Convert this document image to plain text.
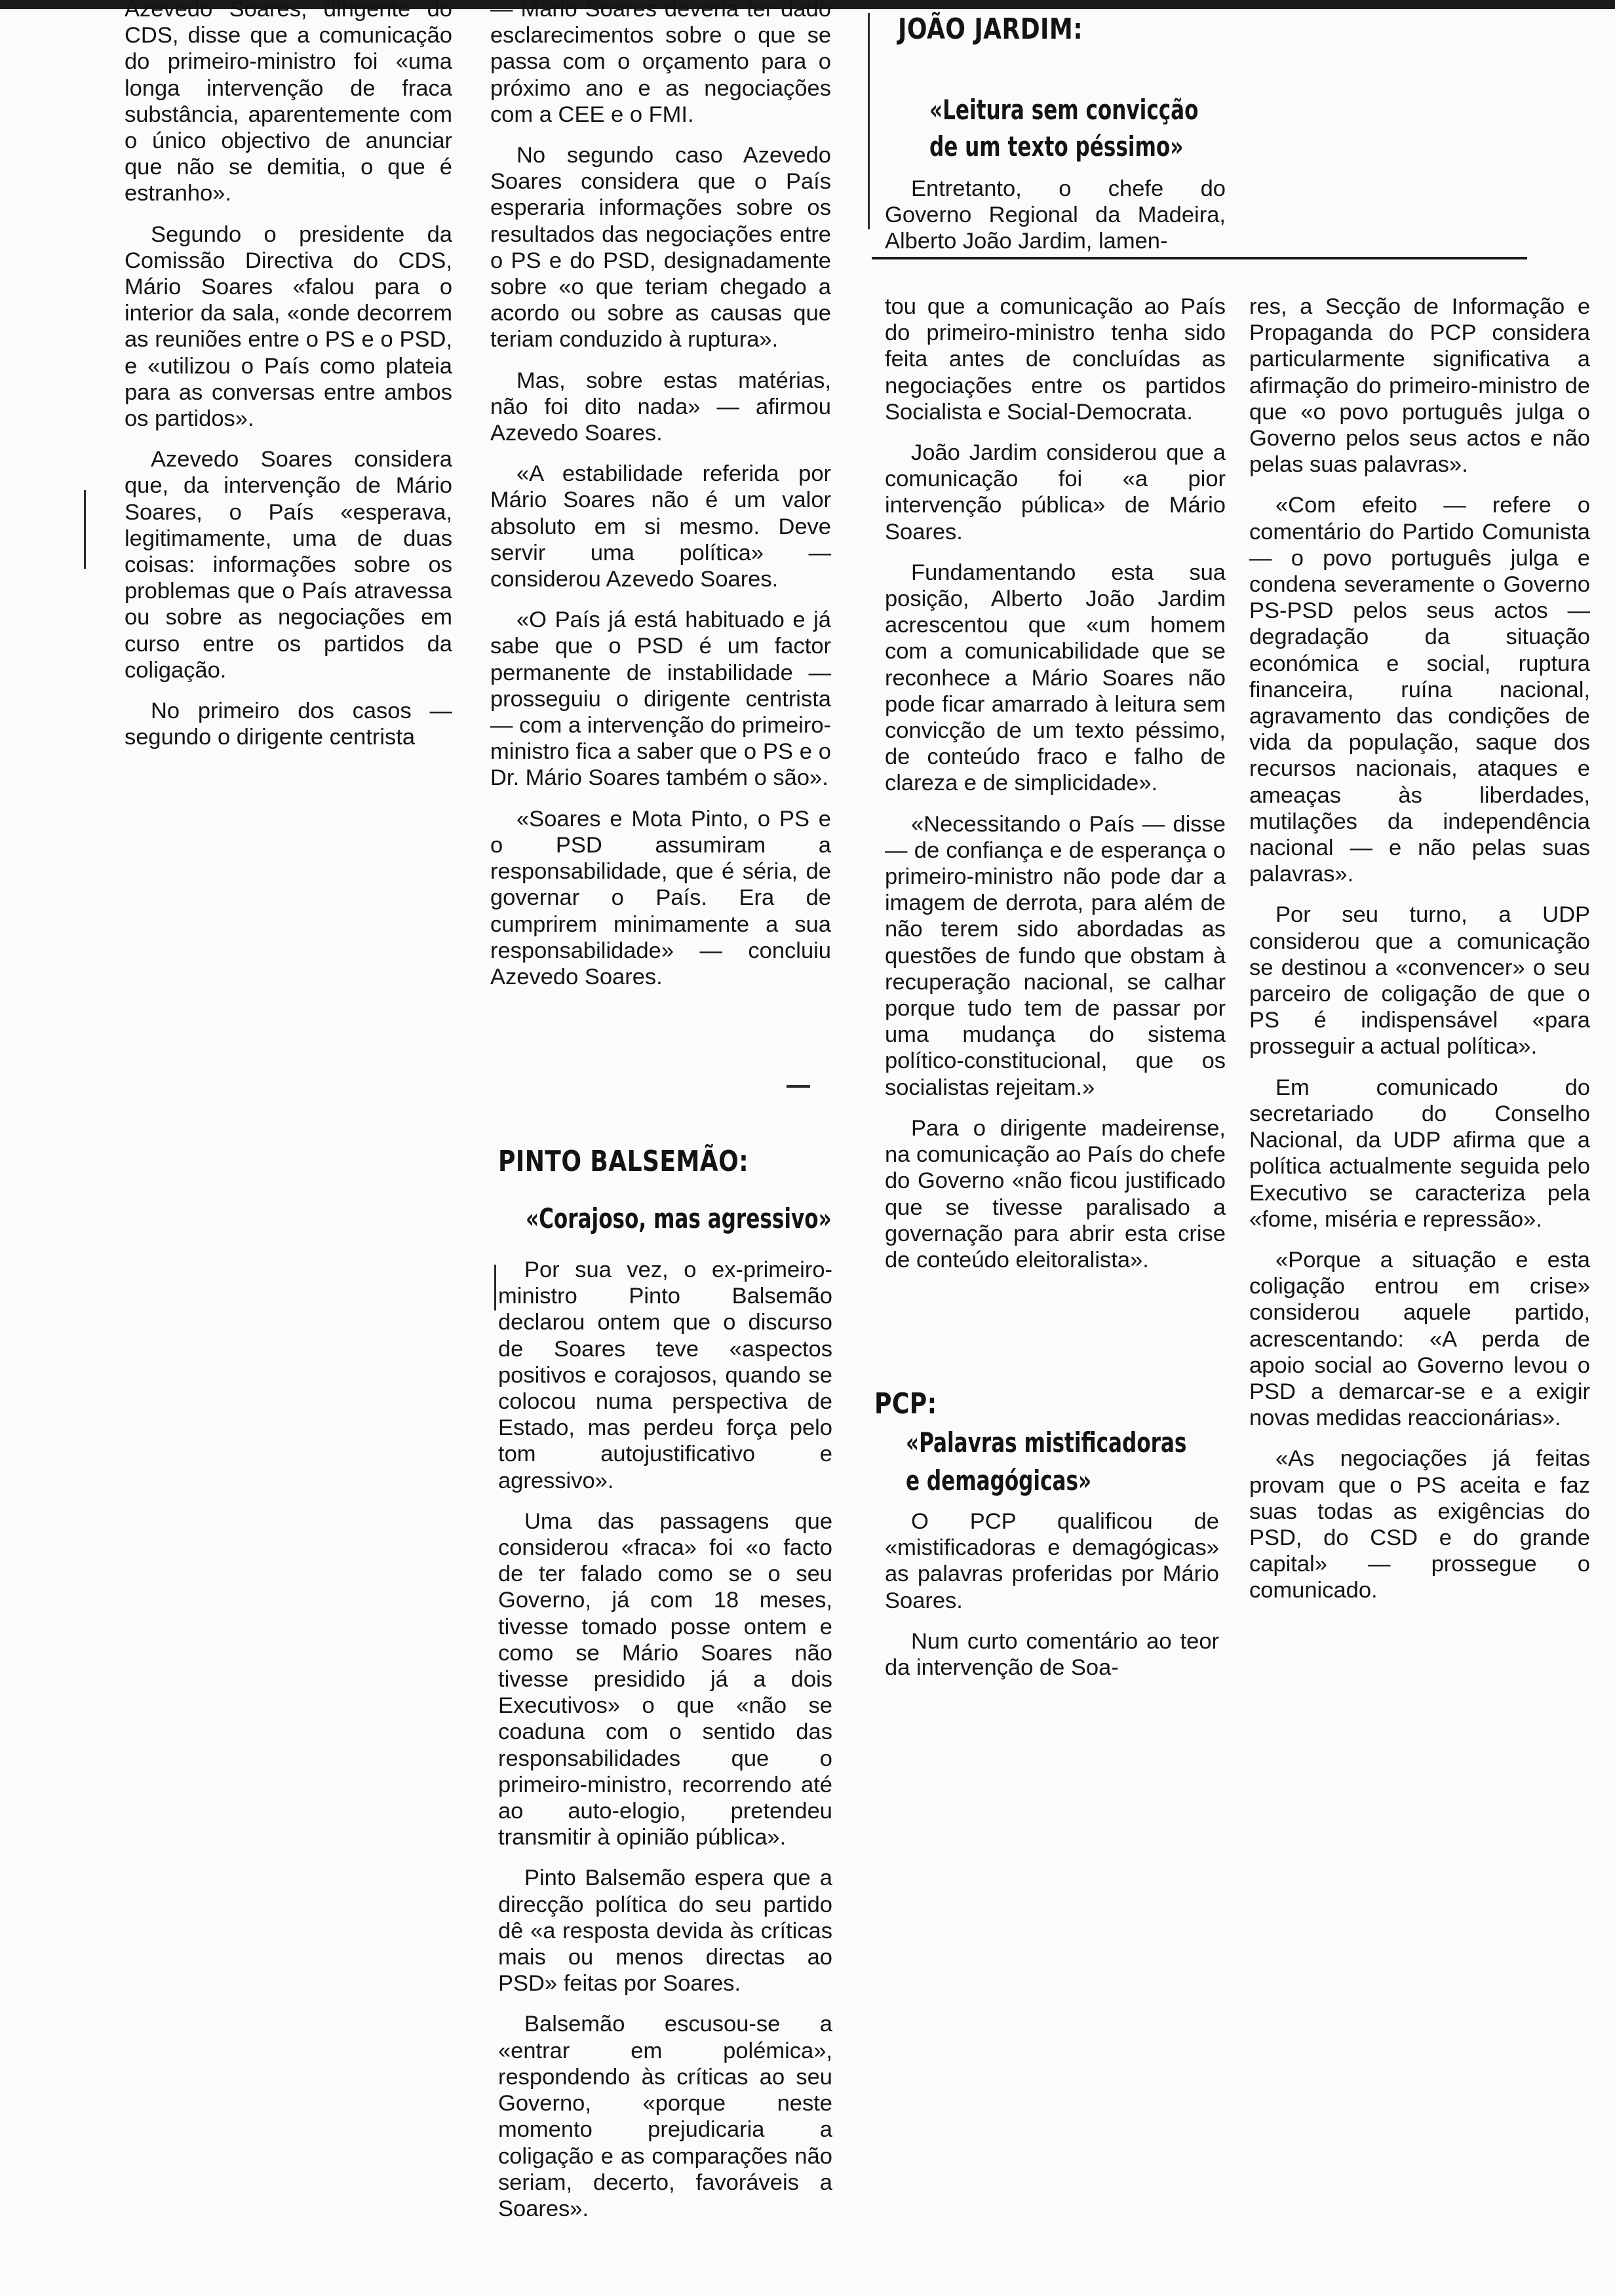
Azevedo Soares, dirigente do CDS, disse que a comunicação do primeiro-ministro foi «uma longa intervenção de fraca substância, aparentemente com o único objectivo de anunciar que não se demitia, o que é estranho».

Segundo o presidente da Comissão Directiva do CDS, Mário Soares «falou para o interior da sala, «onde decorrem as reuniões entre o PS e o PSD, e «utilizou o País como plateia para as conversas entre ambos os partidos».

Azevedo Soares considera que, da intervenção de Mário Soares, o País «esperava, legitimamente, uma de duas coisas: informações sobre os problemas que o País atravessa ou sobre as negociações em curso entre os partidos da coligação.

No primeiro dos casos — segundo o dirigente centrista

— Mário Soares deveria ter dado esclarecimentos sobre o que se passa com o orçamento para o próximo ano e as negociações com a CEE e o FMI.

No segundo caso Azevedo Soares considera que o País esperaria informações sobre os resultados das negociações entre o PS e do PSD, designadamente sobre «o que teriam chegado a acordo ou sobre as causas que teriam conduzido à ruptura».

Mas, sobre estas matérias, não foi dito nada» — afirmou Azevedo Soares.

«A estabilidade referida por Mário Soares não é um valor absoluto em si mesmo. Deve servir uma política» — considerou Azevedo Soares.

«O País já está habituado e já sabe que o PSD é um factor permanente de instabilidade — prosseguiu o dirigente centrista — com a intervenção do primeiro-ministro fica a saber que o PS e o Dr. Mário Soares também o são».

«Soares e Mota Pinto, o PS e o PSD assumiram a responsabilidade, que é séria, de governar o País. Era de cumprirem minimamente a sua responsabilidade» — concluiu Azevedo Soares.

PINTO BALSEMÃO:
«Corajoso, mas agressivo»

Por sua vez, o ex-primeiro-ministro Pinto Balsemão declarou ontem que o discurso de Soares teve «aspectos positivos e corajosos, quando se colocou numa perspectiva de Estado, mas perdeu força pelo tom autojustificativo e agressivo».

Uma das passagens que considerou «fraca» foi «o facto de ter falado como se o seu Governo, já com 18 meses, tivesse tomado posse ontem e como se Mário Soares não tivesse presidido já a dois Executivos» o que «não se coaduna com o sentido das responsabilidades que o primeiro-ministro, recorrendo até ao auto-elogio, pretendeu transmitir à opinião pública».

Pinto Balsemão espera que a direcção política do seu partido dê «a resposta devida às críticas mais ou menos directas ao PSD» feitas por Soares.

Balsemão escusou-se a «entrar em polémica», respondendo às críticas ao seu Governo, «porque neste momento prejudicaria a coligação e as comparações não seriam, decerto, favoráveis a Soares».

JOÃO JARDIM:
«Leitura sem convicção
de um texto péssimo»

Entretanto, o chefe do Governo Regional da Madeira, Alberto João Jardim, lamen-

tou que a comunicação ao País do primeiro-ministro tenha sido feita antes de concluídas as negociações entre os partidos Socialista e Social-Democrata.

João Jardim considerou que a comunicação foi «a pior intervenção pública» de Mário Soares.

Fundamentando esta sua posição, Alberto João Jardim acrescentou que «um homem com a comunicabilidade que se reconhece a Mário Soares não pode ficar amarrado à leitura sem convicção de um texto péssimo, de conteúdo fraco e falho de clareza e de simplicidade».

«Necessitando o País — disse — de confiança e de esperança o primeiro-ministro não pode dar a imagem de derrota, para além de não terem sido abordadas as questões de fundo que obstam à recuperação nacional, se calhar porque tudo tem de passar por uma mudança do sistema político-constitucional, que os socialistas rejeitam.»

Para o dirigente madeirense, na comunicação ao País do chefe do Governo «não ficou justificado que se tivesse paralisado a governação para abrir esta crise de conteúdo eleitoralista».

PCP:
«Palavras mistificadoras
e demagógicas»

O PCP qualificou de «mistificadoras e demagógicas» as palavras proferidas por Mário Soares.

Num curto comentário ao teor da intervenção de Soa-

res, a Secção de Informação e Propaganda do PCP considera particularmente significativa a afirmação do primeiro-ministro de que «o povo português julga o Governo pelos seus actos e não pelas suas palavras».

«Com efeito — refere o comentário do Partido Comunista — o povo português julga e condena severamente o Governo PS-PSD pelos seus actos — degradação da situação económica e social, ruptura financeira, ruína nacional, agravamento das condições de vida da população, saque dos recursos nacionais, ataques e ameaças às liberdades, mutilações da independência nacional — e não pelas suas palavras».

Por seu turno, a UDP considerou que a comunicação se destinou a «convencer» o seu parceiro de coligação de que o PS é indispensável «para prosseguir a actual política».

Em comunicado do secretariado do Conselho Nacional, da UDP afirma que a política actualmente seguida pelo Executivo se caracteriza pela «fome, miséria e repressão».

«Porque a situação e esta coligação entrou em crise» considerou aquele partido, acrescentando: «A perda de apoio social ao Governo levou o PSD a demarcar-se e a exigir novas medidas reaccionárias».

«As negociações já feitas provam que o PS aceita e faz suas todas as exigências do PSD, do CSD e do grande capital» — prossegue o comunicado.
